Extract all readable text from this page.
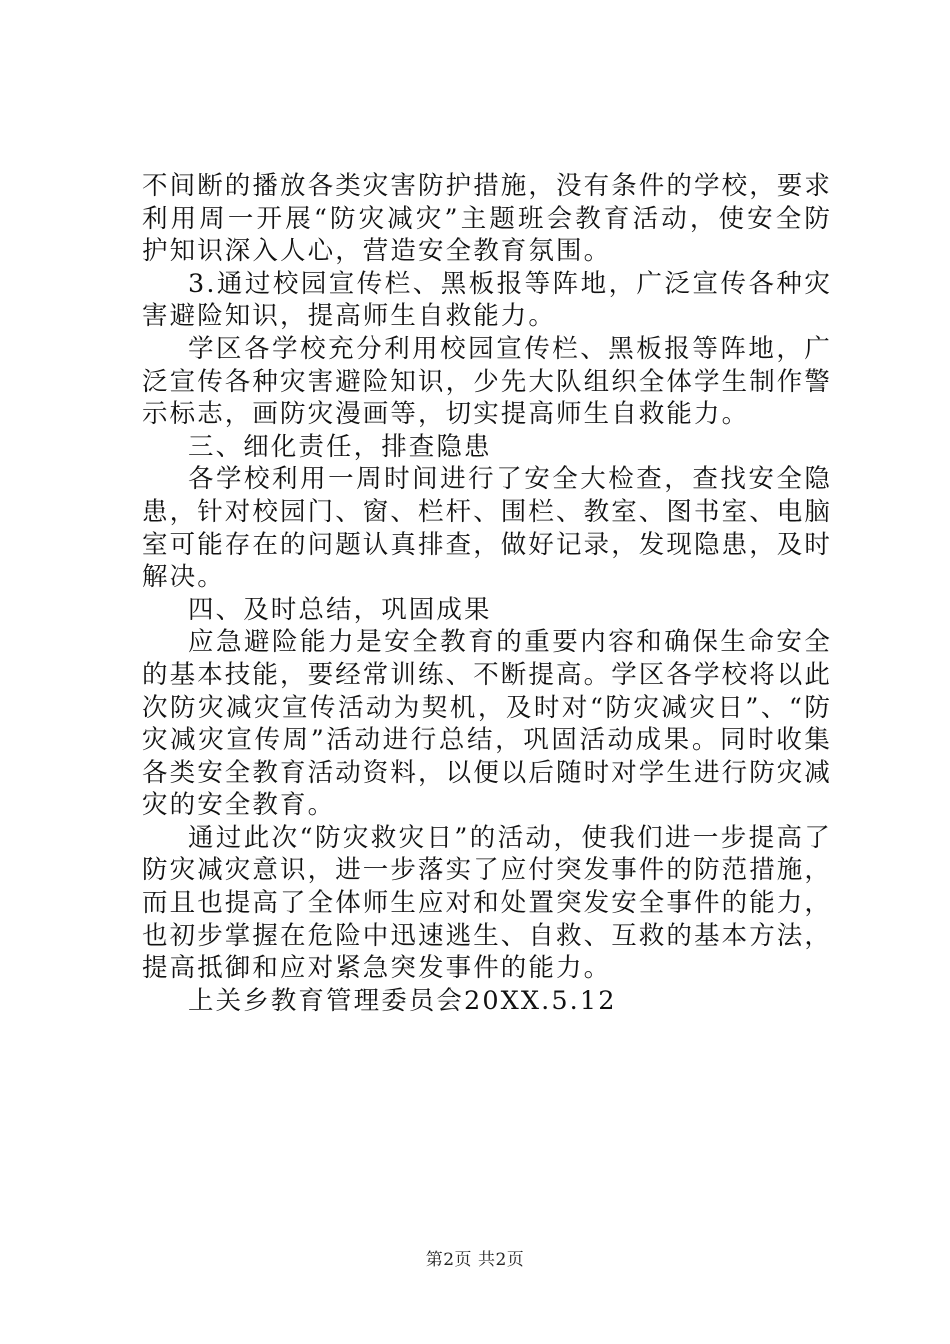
不间断的播放各类灾害防护措施，没有条件的学校，要求利用周一开展“防灾减灾”主题班会教育活动，使安全防护知识深入人心，营造安全教育氛围。

3.通过校园宣传栏、黑板报等阵地，广泛宣传各种灾害避险知识，提高师生自救能力。

学区各学校充分利用校园宣传栏、黑板报等阵地，广泛宣传各种灾害避险知识，少先大队组织全体学生制作警示标志，画防灾漫画等，切实提高师生自救能力。

三、细化责任，排查隐患

各学校利用一周时间进行了安全大检查，查找安全隐患，针对校园门、窗、栏杆、围栏、教室、图书室、电脑室可能存在的问题认真排查，做好记录，发现隐患，及时解决。

四、及时总结，巩固成果

应急避险能力是安全教育的重要内容和确保生命安全的基本技能，要经常训练、不断提高。学区各学校将以此次防灾减灾宣传活动为契机，及时对“防灾减灾日”、“防灾减灾宣传周”活动进行总结，巩固活动成果。同时收集各类安全教育活动资料，以便以后随时对学生进行防灾减灾的安全教育。

通过此次“防灾救灾日”的活动，使我们进一步提高了防灾减灾意识，进一步落实了应付突发事件的防范措施，而且也提高了全体师生应对和处置突发安全事件的能力，也初步掌握在危险中迅速逃生、自救、互救的基本方法，提高抵御和应对紧急突发事件的能力。

上关乡教育管理委员会20XX.5.12

第2页 共2页
